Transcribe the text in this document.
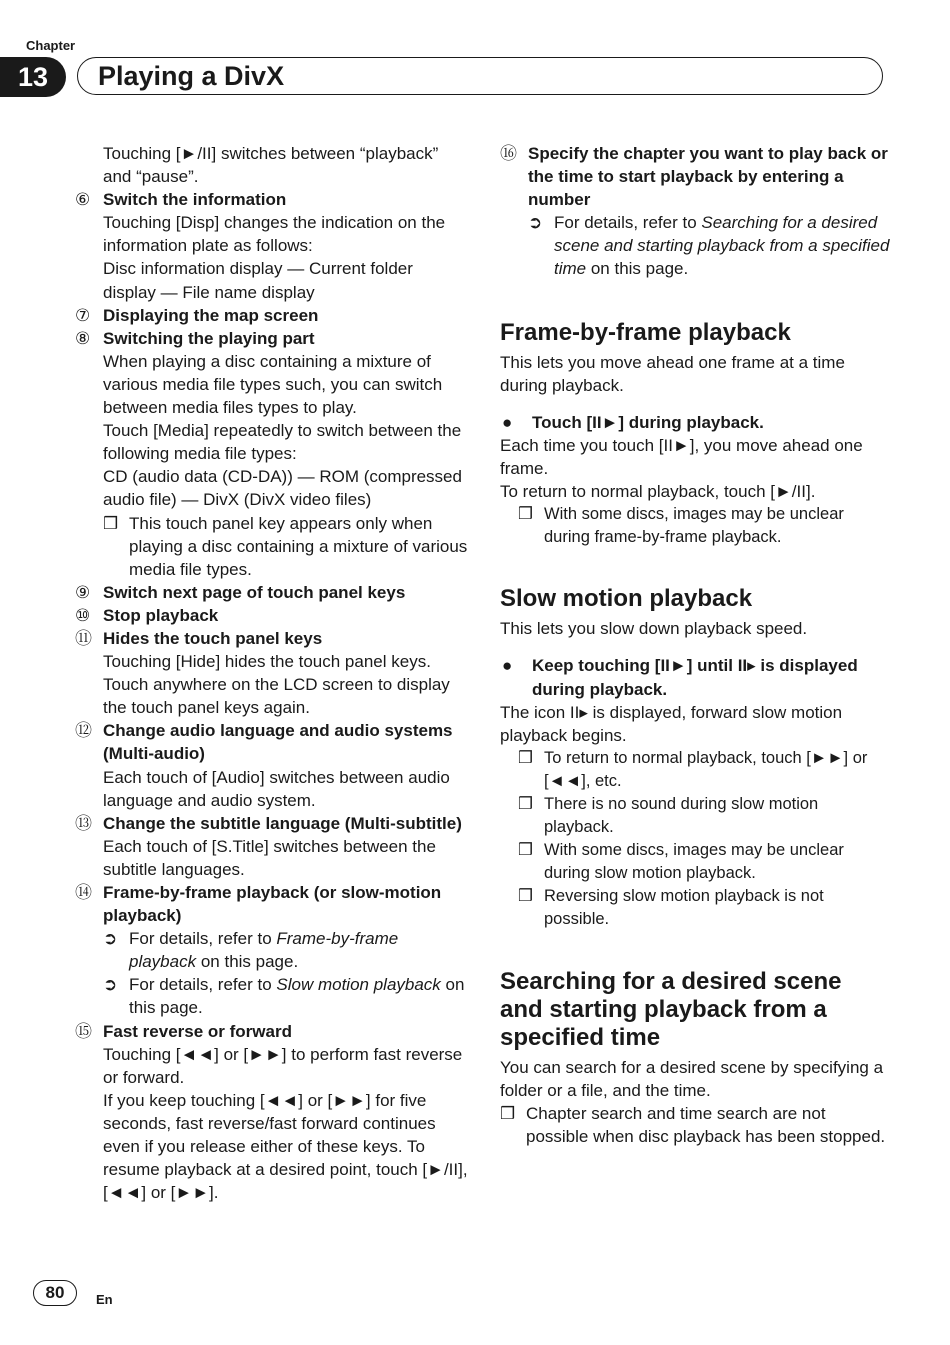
Chapter
13	Playing a DivX

Touching [►/II] switches between “playback” and “pause”.

⑥ Switch the information

Touching [Disp] changes the indication on the information plate as follows:

Disc information display — Current folder display — File name display

⑦ Displaying the map screen

⑧ Switching the playing part

When playing a disc containing a mixture of various media file types such, you can switch between media files types to play.

Touch [Media] repeatedly to switch between the following media file types:

CD (audio data (CD-DA)) — ROM (compressed audio file) — DivX (DivX video files)

❒ This touch panel key appears only when playing a disc containing a mixture of various media file types.

⑨ Switch next page of touch panel keys

⑩ Stop playback

⑪ Hides the touch panel keys

Touching [Hide] hides the touch panel keys. Touch anywhere on the LCD screen to display the touch panel keys again.

⑫ Change audio language and audio systems (Multi-audio)

Each touch of [Audio] switches between audio language and audio system.

⑬ Change the subtitle language (Multi-subtitle)

Each touch of [S.Title] switches between the subtitle languages.

⑭ Frame-by-frame playback (or slow-motion playback)

➲ For details, refer to Frame-by-frame playback on this page.

➲ For details, refer to Slow motion playback on this page.

⑮ Fast reverse or forward

Touching [◄◄] or [►►] to perform fast reverse or forward.

If you keep touching [◄◄] or [►►] for five seconds, fast reverse/fast forward continues even if you release either of these keys. To resume playback at a desired point, touch [►/II], [◄◄] or [►►].

⑯ Specify the chapter you want to play back or the time to start playback by entering a number

➲ For details, refer to Searching for a desired scene and starting playback from a specified time on this page.

Frame-by-frame playback

This lets you move ahead one frame at a time during playback.

● Touch [II►] during playback.

Each time you touch [II►], you move ahead one frame.

To return to normal playback, touch [►/II].

❒ With some discs, images may be unclear during frame-by-frame playback.

Slow motion playback

This lets you slow down playback speed.

● Keep touching [II►] until II▸ is displayed during playback.

The icon II▸ is displayed, forward slow motion playback begins.

❒ To return to normal playback, touch [►►] or [◄◄], etc.

❒ There is no sound during slow motion playback.

❒ With some discs, images may be unclear during slow motion playback.

❒ Reversing slow motion playback is not possible.

Searching for a desired scene and starting playback from a specified time

You can search for a desired scene by specifying a folder or a file, and the time.

❒ Chapter search and time search are not possible when disc playback has been stopped.

80	En
